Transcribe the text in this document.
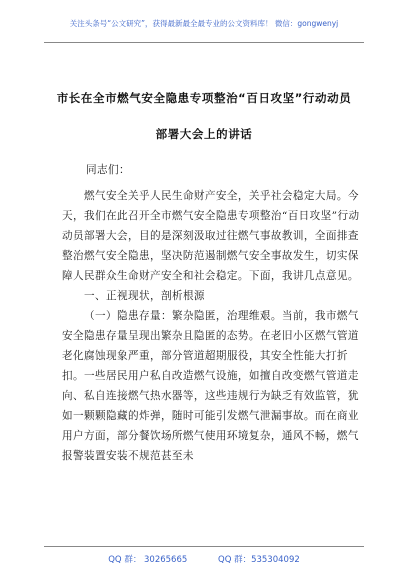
关注头条号“公文研究”，获得最新最全最专业的公文资料库！ 微信：gongwenyj
市长在全市燃气安全隐患专项整治“百日攻坚”行动动员
部署大会上的讲话

同志们：

燃气安全关乎人民生命财产安全，关乎社会稳定大局。今天，我们在此召开全市燃气安全隐患专项整治“百日攻坚”行动动员部署大会，目的是深刻汲取过往燃气事故教训，全面排查整治燃气安全隐患，坚决防范遏制燃气安全事故发生，切实保障人民群众生命财产安全和社会稳定。下面，我讲几点意见。

一、正视现状，剖析根源

（一）隐患存量：繁杂隐匿，治理维艰。当前，我市燃气安全隐患存量呈现出繁杂且隐匿的态势。在老旧小区燃气管道老化腐蚀现象严重，部分管道超期服役，其安全性能大打折扣。一些居民用户私自改造燃气设施，如擅自改变燃气管道走向、私自连接燃气热水器等，这些违规行为缺乏有效监管，犹如一颗颗隐藏的炸弹，随时可能引发燃气泄漏事故。而在商业用户方面，部分餐饮场所燃气使用环境复杂，通风不畅，燃气报警装置安装不规范甚至未

QQ 群： 30265665	QQ 群：535304092
